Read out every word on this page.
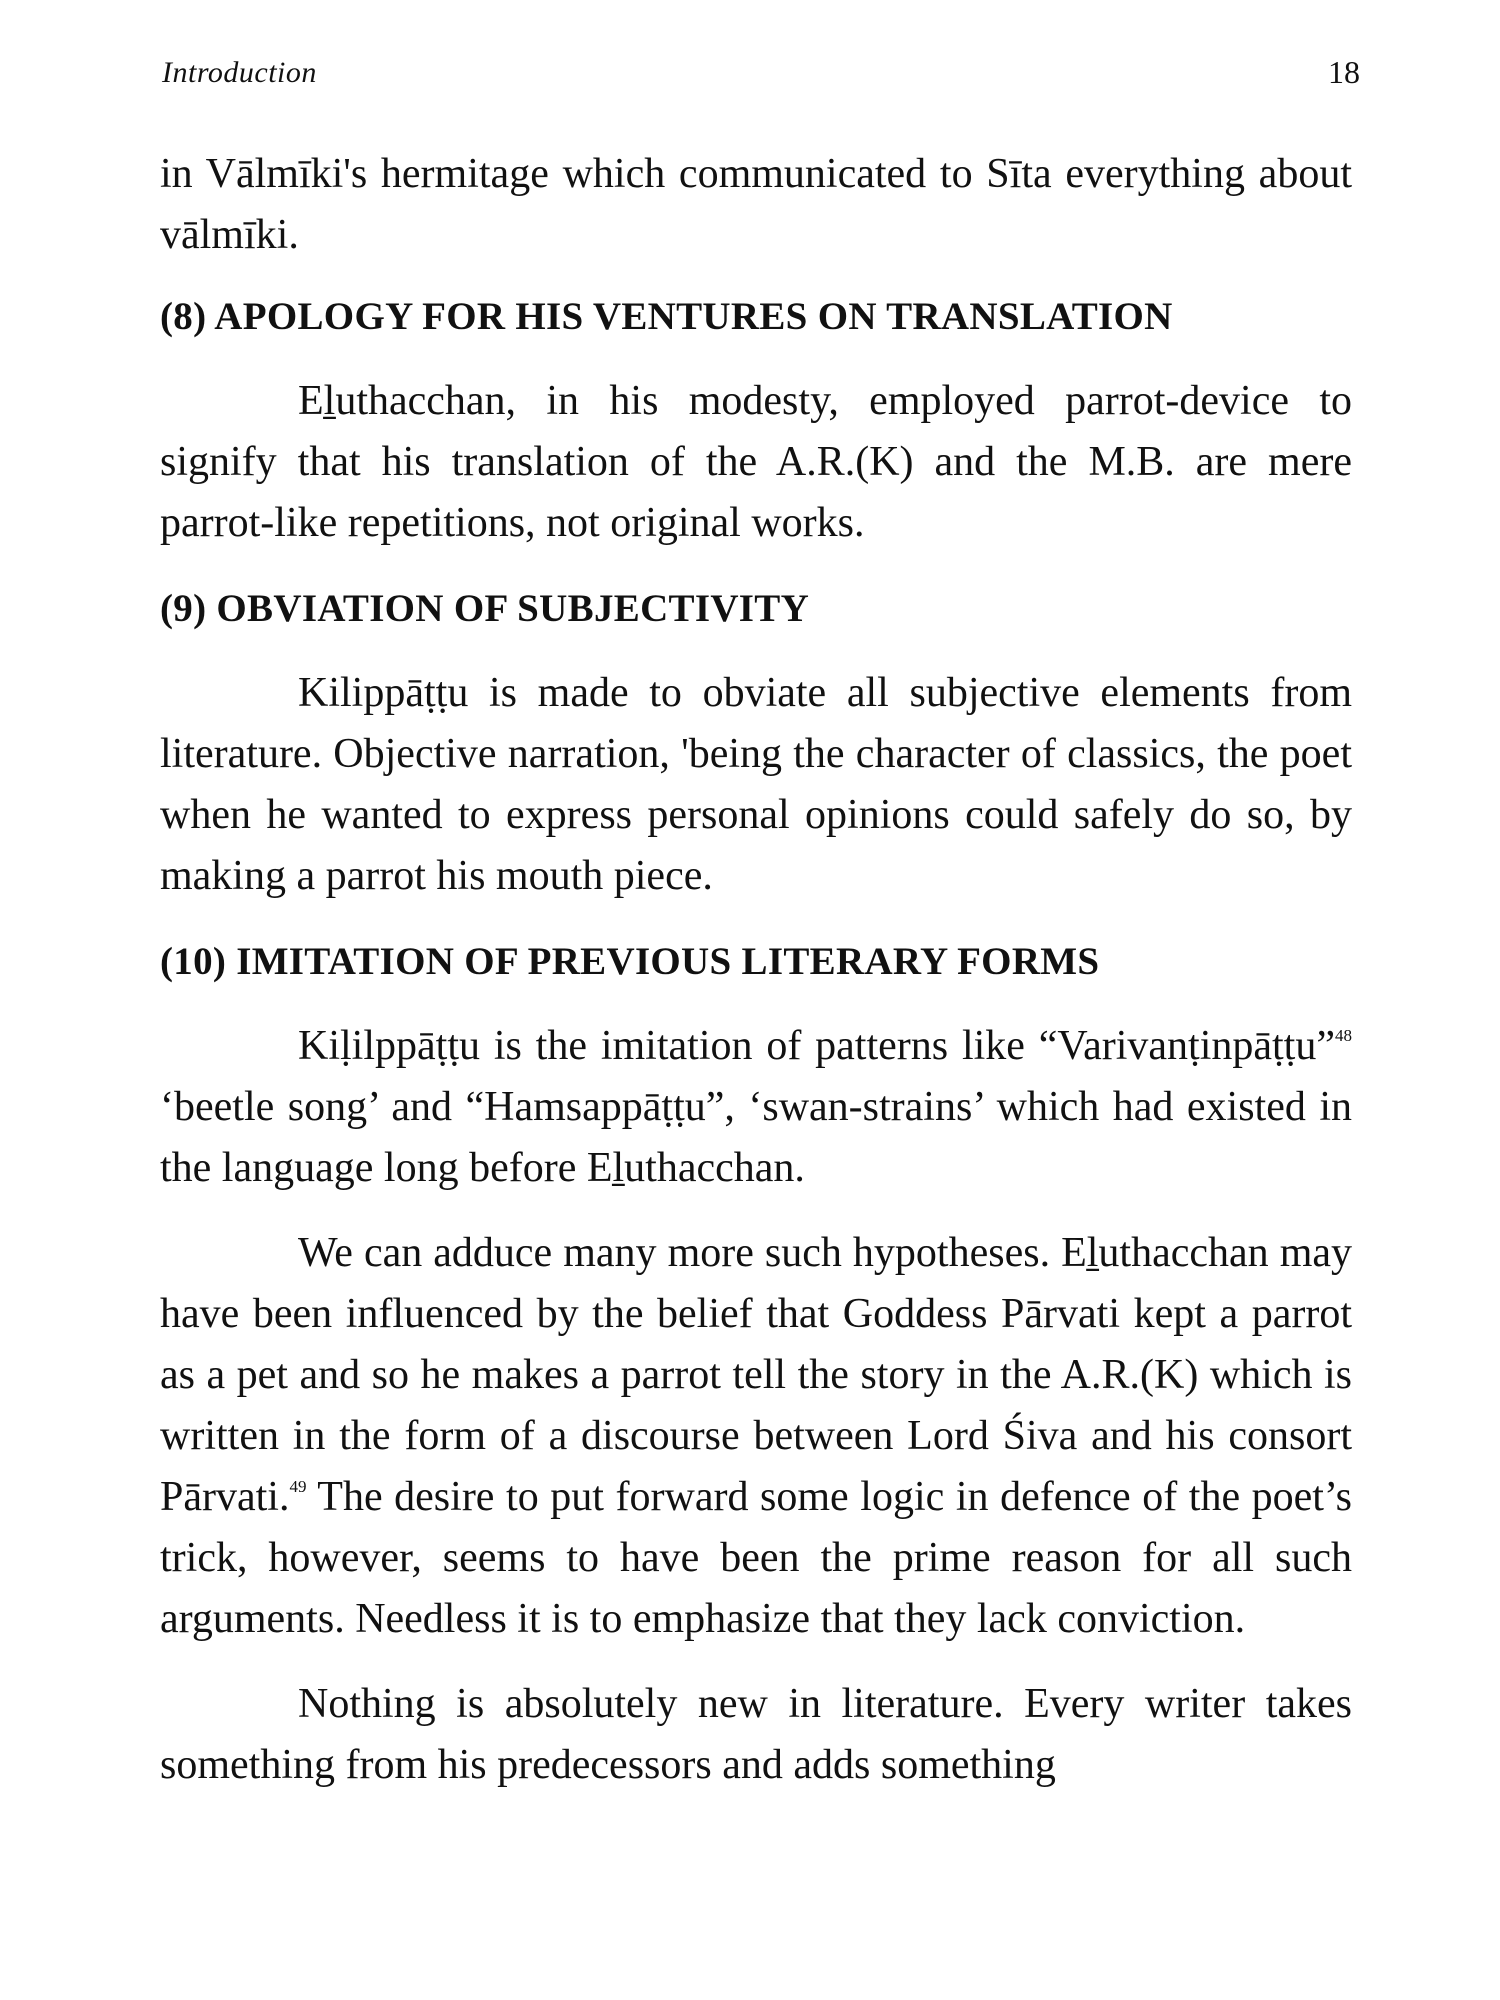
Introduction	18

in Vālmīki's hermitage which communicated to Sīta everything about vālmīki.

(8) APOLOGY FOR HIS VENTURES ON TRANSLATION

Eḻuthacchan, in his modesty, employed parrot-device to signify that his translation of the A.R.(K) and the M.B. are mere parrot-like repetitions, not original works.

(9) OBVIATION OF SUBJECTIVITY

Kilippāṭṭu is made to obviate all subjective elements from literature. Objective narration, 'being the character of classics, the poet when he wanted to express personal opinions could safely do so, by making a parrot his mouth piece.

(10) IMITATION OF PREVIOUS LITERARY FORMS

Kiḷilppāṭṭu is the imitation of patterns like “Varivanṭinpāṭṭu”$^{48}$ ‘beetle song’ and “Hamsappāṭṭu”, ‘swan-strains’ which had existed in the language long before Eḻuthacchan.

We can adduce many more such hypotheses. Eḻuthacchan may have been influenced by the belief that Goddess Pārvati kept a parrot as a pet and so he makes a parrot tell the story in the A.R.(K) which is written in the form of a discourse between Lord Śiva and his consort Pārvati.$^{49}$ The desire to put forward some logic in defence of the poet’s trick, however, seems to have been the prime reason for all such arguments. Needless it is to emphasize that they lack conviction.

Nothing is absolutely new in literature. Every writer takes something from his predecessors and adds something
